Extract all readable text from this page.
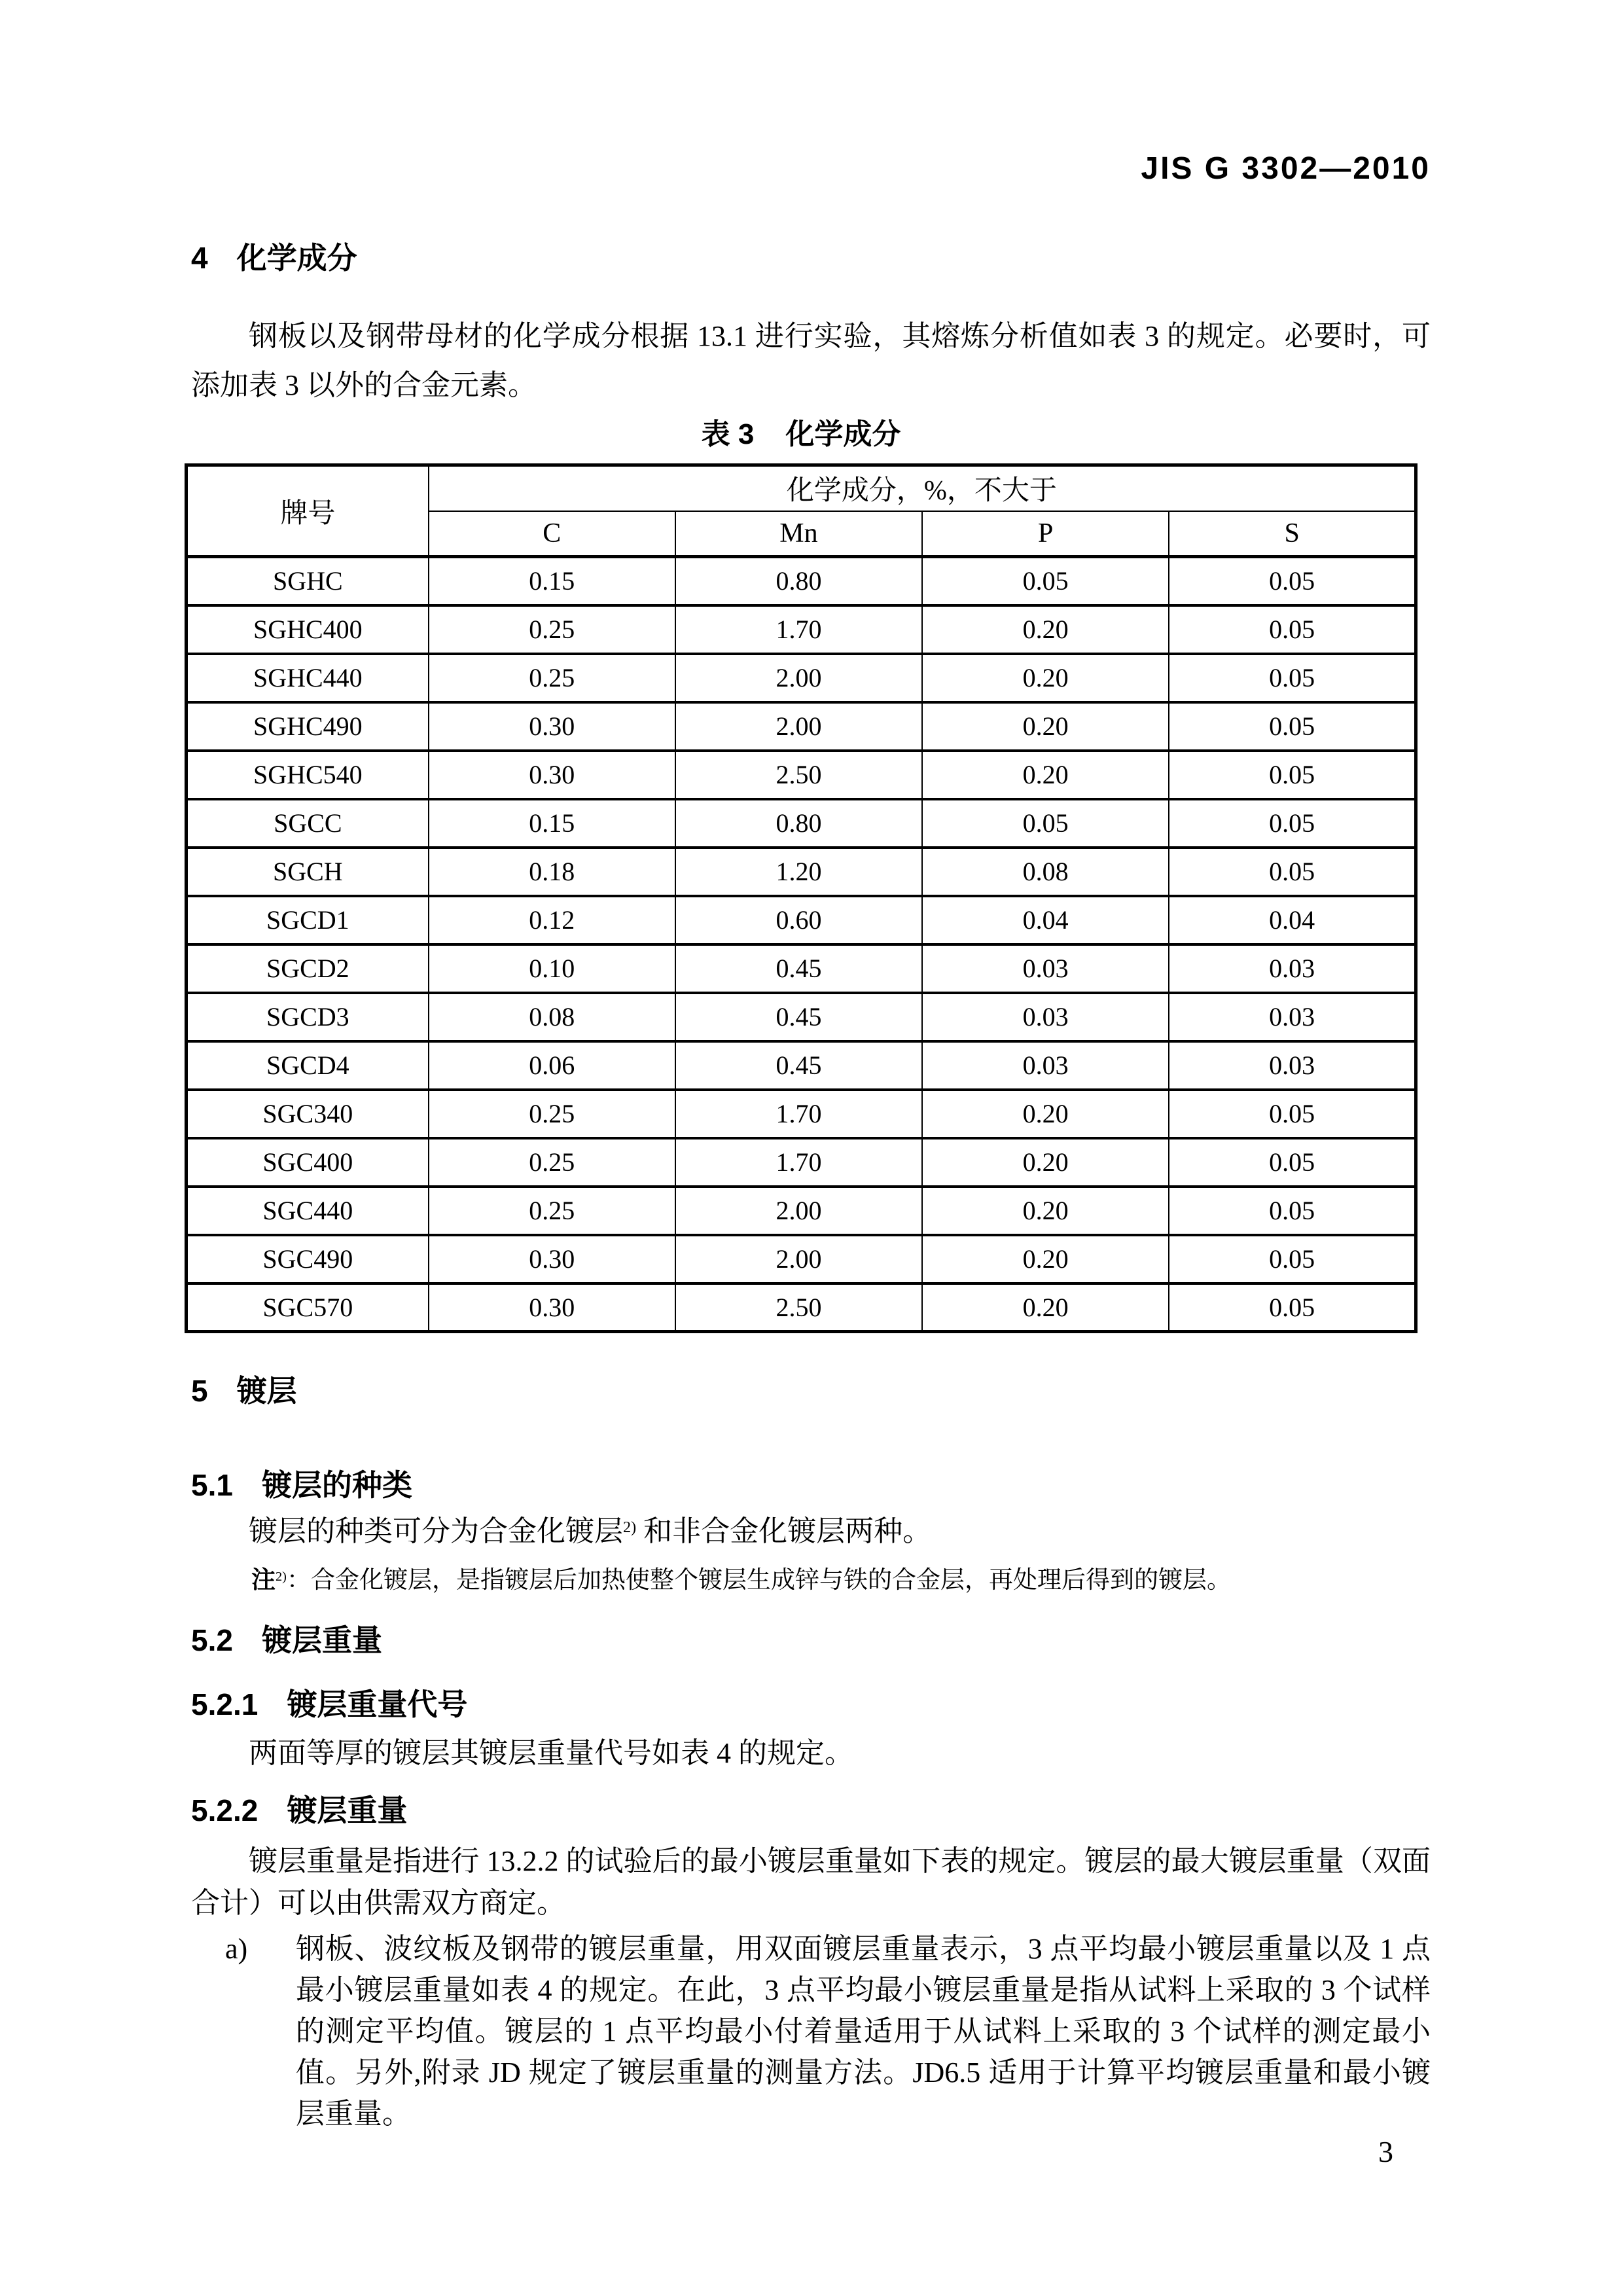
JIS G 3302—2010
4 化学成分

钢板以及钢带母材的化学成分根据 13.1 进行实验，其熔炼分析值如表 3 的规定。必要时，可添加表 3 以外的合金元素。

表 3 化学成分
牌号	化学成分，%，不大于			
	C	Mn	P	S
SGHC	0.15	0.80	0.05	0.05
SGHC400	0.25	1.70	0.20	0.05
SGHC440	0.25	2.00	0.20	0.05
SGHC490	0.30	2.00	0.20	0.05
SGHC540	0.30	2.50	0.20	0.05
SGCC	0.15	0.80	0.05	0.05
SGCH	0.18	1.20	0.08	0.05
SGCD1	0.12	0.60	0.04	0.04
SGCD2	0.10	0.45	0.03	0.03
SGCD3	0.08	0.45	0.03	0.03
SGCD4	0.06	0.45	0.03	0.03
SGC340	0.25	1.70	0.20	0.05
SGC400	0.25	1.70	0.20	0.05
SGC440	0.25	2.00	0.20	0.05
SGC490	0.30	2.00	0.20	0.05
SGC570	0.30	2.50	0.20	0.05
5 镀层
5.1 镀层的种类

镀层的种类可分为合金化镀层$^{2)}$ 和非合金化镀层两种。

注$^{2)}$：合金化镀层，是指镀层后加热使整个镀层生成锌与铁的合金层，再处理后得到的镀层。
5.2 镀层重量
5.2.1 镀层重量代号

两面等厚的镀层其镀层重量代号如表 4 的规定。

5.2.2 镀层重量

镀层重量是指进行 13.2.2 的试验后的最小镀层重量如下表的规定。镀层的最大镀层重量（双面合计）可以由供需双方商定。

a) 钢板、波纹板及钢带的镀层重量，用双面镀层重量表示，3 点平均最小镀层重量以及 1 点最小镀层重量如表 4 的规定。在此，3 点平均最小镀层重量是指从试料上采取的 3 个试样的测定平均值。镀层的 1 点平均最小付着量适用于从试料上采取的 3 个试样的测定最小值。另外,附录 JD 规定了镀层重量的测量方法。JD6.5 适用于计算平均镀层重量和最小镀层重量。
3
